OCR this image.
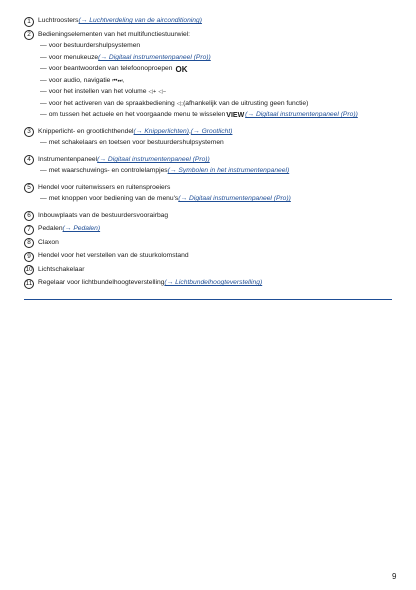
1	Luchtroosters (→ Luchtverdeling van de airconditioning)
2	Bedieningselementen van het multifunctiestuurwiel:
— voor bestuurdershulpsystemen
— voor menukeuze (→ Digitaal instrumentenpaneel (Pro))
— voor beantwoorden van telefoonoproepen OK
— voor audio, navigatie ⏮⏭,
— voor het instellen van het volume ◁+ ◁−
— voor het activeren van de spraakbediening ◁; (afhankelijk van de uitrusting geen functie)
— om tussen het actuele en het voorgaande menu te wisselen VIEW (→ Digitaal instrumentenpaneel (Pro))
3	Knipperlicht- en grootlichthendel (→ Knipperlichten) , (→ Grootlicht)
— met schakelaars en toetsen voor bestuurdershulpsystemen
4	Instrumentenpaneel (→ Digitaal instrumentenpaneel (Pro))
— met waarschuwings- en controlelampjes (→ Symbolen in het instrumentenpaneel)
5	Hendel voor ruitenwissers en ruitensproeiers
— met knoppen voor bediening van de menu's (→ Digitaal instrumentenpaneel (Pro))
6	Inbouwplaats van de bestuurdersvoorairbag
7	Pedalen (→ Pedalen)
8	Claxon
9	Hendel voor het verstellen van de stuurkolomstand
10 Lichtschakelaar
11 Regelaar voor lichtbundelhoogteverstelling (→ Lichtbundelhoogteverstelling)
9
